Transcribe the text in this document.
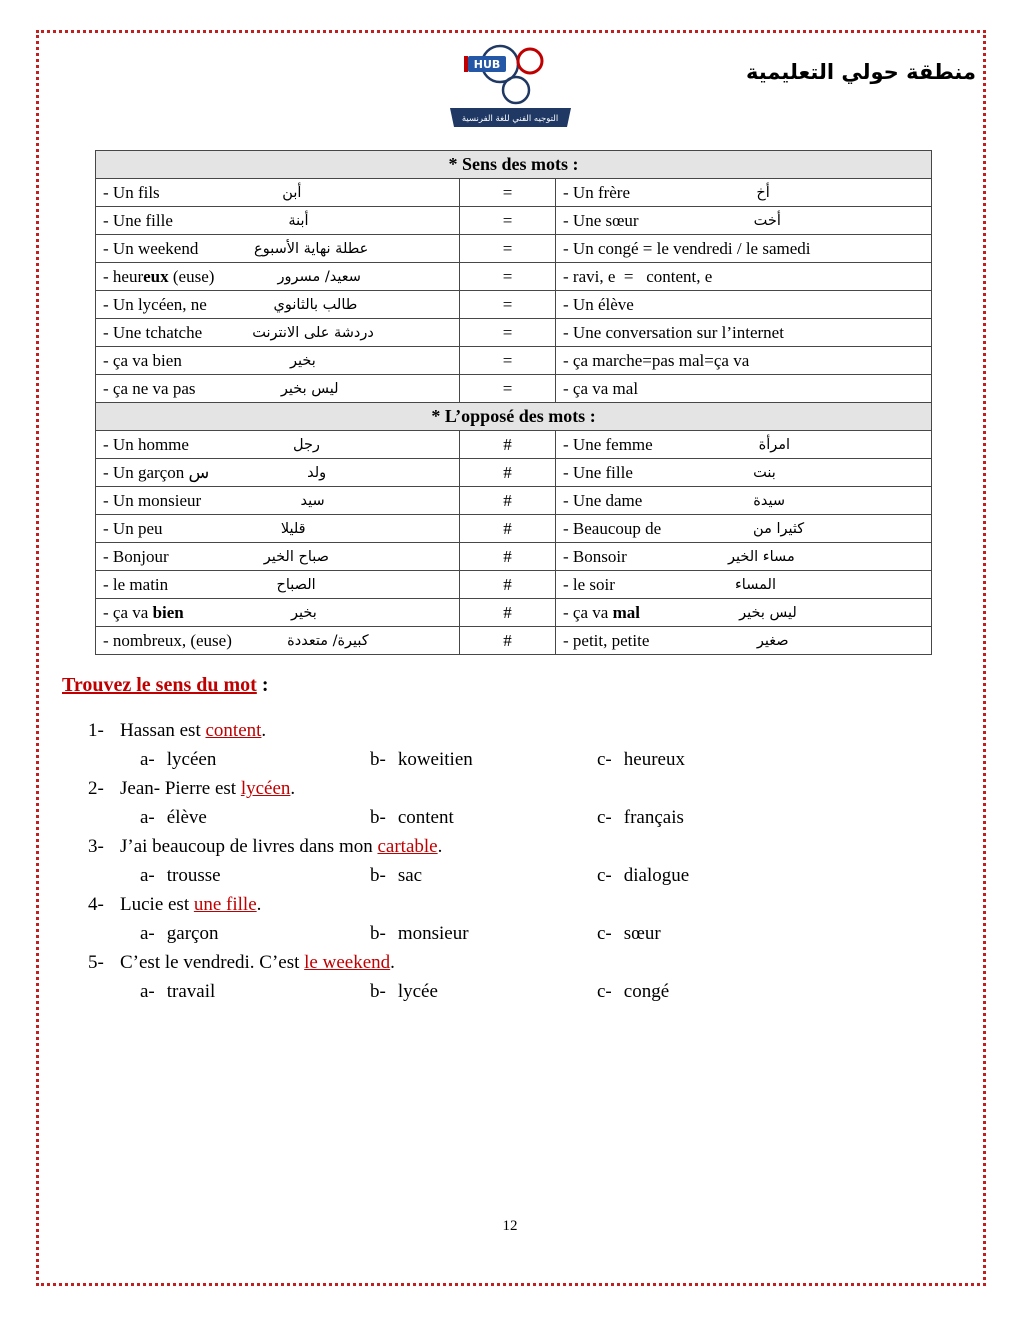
HUB
التوجيه الفني للغة الفرنسية
منطقة حولي التعليمية
* Sens des mots :		

- Un fils أبن	=	- Un frère أخ

- Une fille أبنة	=	- Une sœur أخت

- Un weekend عطلة نهاية الأسبوع	=	- Un congé = le vendredi / le samedi

- heureux (euse) سعيد/ مسرور	=	- ravi, e  =   content, e

- Un lycéen, ne طالب بالثانوي	=	- Un élève

- Une tchatche دردشة على الانترنت	=	- Une conversation sur l’internet

- ça va bien بخير	=	- ça marche=pas mal=ça va

- ça ne va pas ليس بخير	=	- ça va mal

* L’opposé des mots :		

- Un homme رجل	#	- Une femme امرأة

- Un garçon س ولد	#	- Une fille بنت

- Un monsieur سيد	#	- Une dame سيدة

- Un peu قليلا	#	- Beaucoup de كثيرا من

- Bonjour صباح الخير	#	- Bonsoir مساء الخير

- le matin الصباح	#	- le soir المساء

- ça va bien بخير	#	- ça va mal ليس بخير

- nombreux, (euse) كبيرة/ متعددة	#	- petit, petite صغير
Trouvez le sens du mot :
1- Hassan est content.
a- lycéen	b- koweitien	c- heureux
2- Jean- Pierre est lycéen.
a- élève	b- content	c- français
3- J’ai beaucoup de livres dans mon cartable.
a- trousse	b- sac	c- dialogue
4- Lucie est une fille.
a- garçon	b- monsieur	c- sœur
5- C’est le vendredi. C’est le weekend.
a- travail	b- lycée	c- congé
12
